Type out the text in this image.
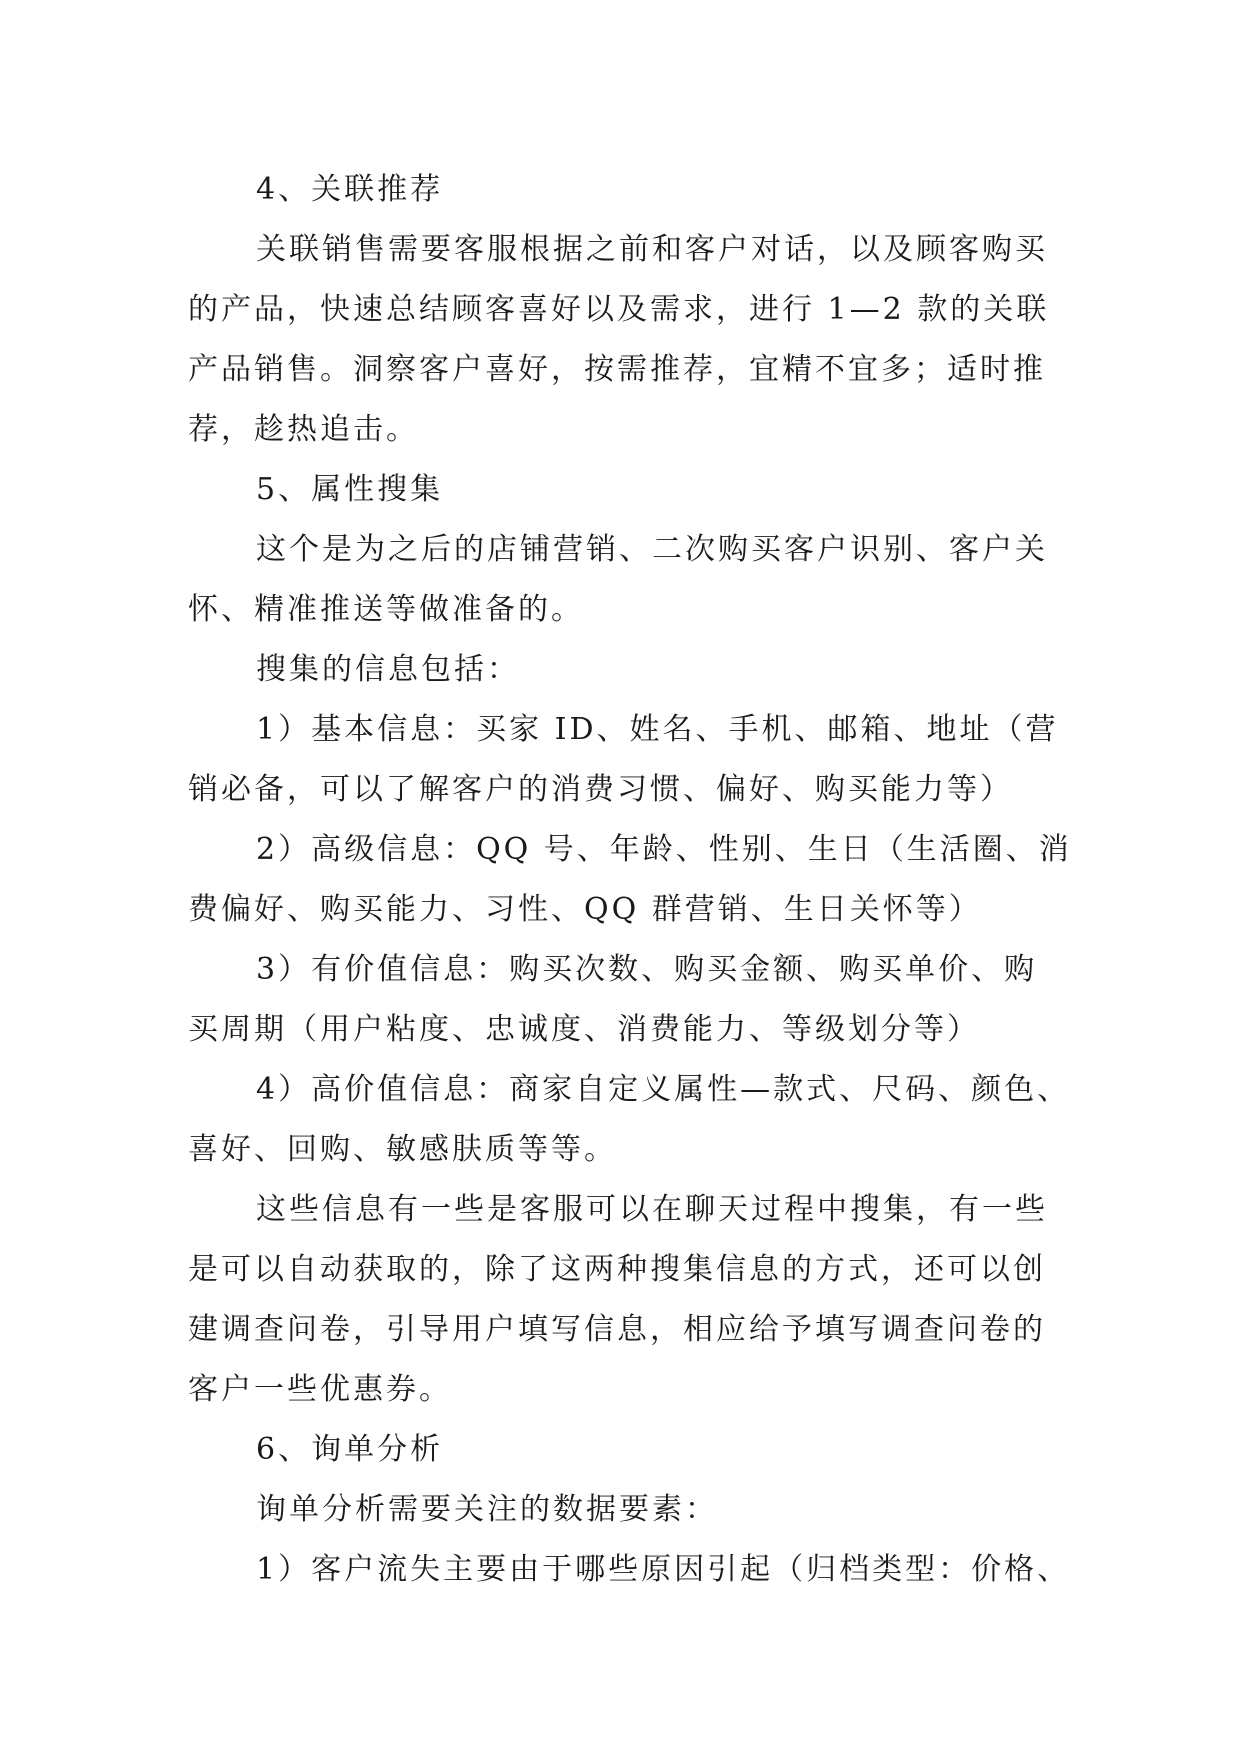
4、关联推荐
关联销售需要客服根据之前和客户对话，以及顾客购买
的产品，快速总结顾客喜好以及需求，进行 1—2 款的关联
产品销售。洞察客户喜好，按需推荐，宜精不宜多；适时推
荐，趁热追击。
5、属性搜集
这个是为之后的店铺营销、二次购买客户识别、客户关
怀、精准推送等做准备的。
搜集的信息包括：
1）基本信息：买家 ID、姓名、手机、邮箱、地址（营
销必备，可以了解客户的消费习惯、偏好、购买能力等）
2）高级信息：QQ 号、年龄、性别、生日（生活圈、消
费偏好、购买能力、习性、QQ 群营销、生日关怀等）
3）有价值信息：购买次数、购买金额、购买单价、购
买周期（用户粘度、忠诚度、消费能力、等级划分等）
4）高价值信息：商家自定义属性—款式、尺码、颜色、
喜好、回购、敏感肤质等等。
这些信息有一些是客服可以在聊天过程中搜集，有一些
是可以自动获取的，除了这两种搜集信息的方式，还可以创
建调查问卷，引导用户填写信息，相应给予填写调查问卷的
客户一些优惠券。
6、询单分析
询单分析需要关注的数据要素：
1）客户流失主要由于哪些原因引起（归档类型：价格、
